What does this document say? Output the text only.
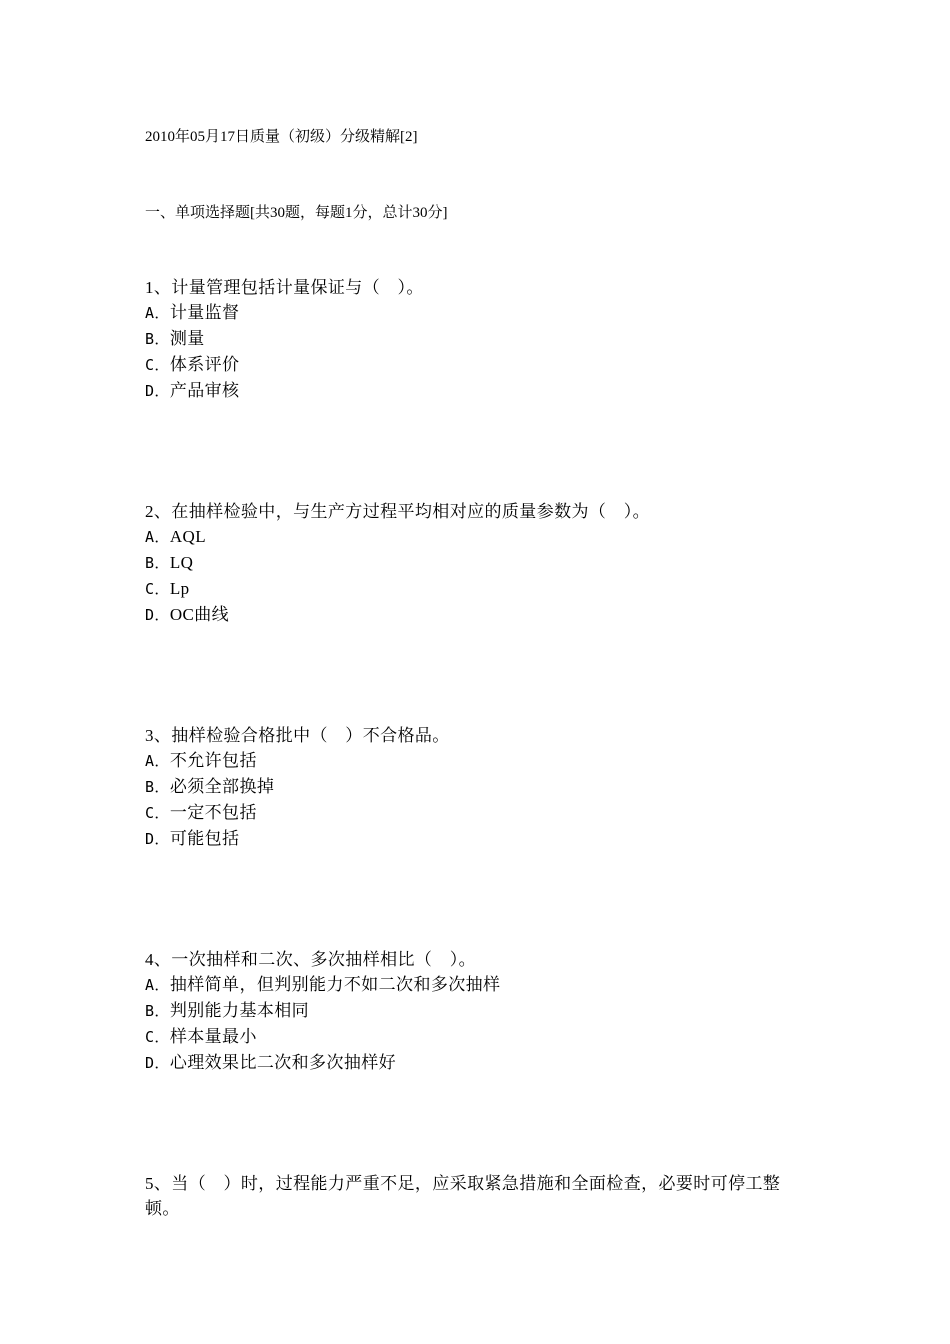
2010年05月17日质量（初级）分级精解[2]
一、单项选择题[共30题，每题1分，总计30分]

1、计量管理包括计量保证与（　）。

A．计量监督
B．测量
C．体系评价
D．产品审核

2、在抽样检验中，与生产方过程平均相对应的质量参数为（　）。

A．AQL
B．LQ
C．Lp
D．OC曲线

3、抽样检验合格批中（　）不合格品。

A．不允许包括
B．必须全部换掉
C．一定不包括
D．可能包括

4、一次抽样和二次、多次抽样相比（　）。

A．抽样简单，但判别能力不如二次和多次抽样
B．判别能力基本相同
C．样本量最小
D．心理效果比二次和多次抽样好

5、当（　）时，过程能力严重不足，应采取紧急措施和全面检查，必要时可停工整顿。
